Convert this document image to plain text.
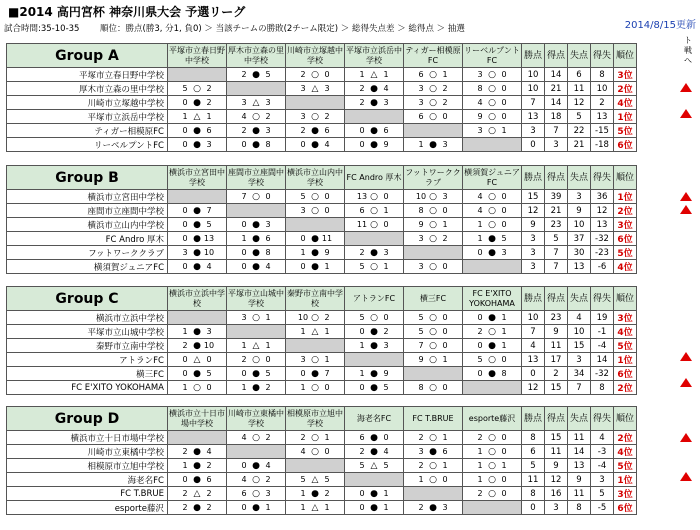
■2014 高円宮杯 神奈川県大会 予選リーグ
2014/8/15更新
試合時間:35-10-35 順位：勝点(勝3, 分1, 負0) ＞ 当該チームの勝敗(2チーム限定) ＞ 総得失点差 ＞ 総得点 ＞ 抽選
ト戦へ
Group A	平塚市立春日野中学校	厚木市立森の里中学校	川崎市立塚越中学校	平塚市立浜岳中学校	ティガー相模原FC	リーベルプントFC	勝点	得点	失点	得失	順位
平塚市立春日野中学校		2 ● 5	2 ○ 0	1 △ 1	6 ○ 1	3 ○ 0	10	14	6	8	3位
厚木市立森の里中学校	5 ○ 2		3 △ 3	2 ● 4	3 ○ 2	8 ○ 0	10	21	11	10	2位
川崎市立塚越中学校	0 ● 2	3 △ 3		2 ● 3	3 ○ 2	4 ○ 0	7	14	12	2	4位
平塚市立浜岳中学校	1 △ 1	4 ○ 2	3 ○ 2		6 ○ 0	9 ○ 0	13	18	5	13	1位
ティガー相模原FC	0 ● 6	2 ● 3	2 ● 6	0 ● 6		3 ○ 1	3	7	22	-15	5位
リーベルプントFC	0 ● 3	0 ● 8	0 ● 4	0 ● 9	1 ● 3		0	3	21	-18	6位
Group B	横浜市立宮田中学校	座間市立座間中学校	横浜市立山内中学校	FC Andro 厚木	フットワーククラブ	横須賀ジュニアFC	勝点	得点	失点	得失	順位
横浜市立宮田中学校		7 ○ 0	5 ○ 0	13 ○ 0	10 ○ 3	4 ○ 0	15	39	3	36	1位
座間市立座間中学校	0 ● 7		3 ○ 0	6 ○ 1	8 ○ 0	4 ○ 0	12	21	9	12	2位
横浜市立山内中学校	0 ● 5	0 ● 3		11 ○ 0	9 ○ 1	1 ○ 0	9	23	10	13	3位
FC Andro 厚木	0 ● 13	1 ● 6	0 ● 11		3 ○ 2	1 ● 5	3	5	37	-32	6位
フットワーククラブ	3 ● 10	0 ● 8	1 ● 9	2 ● 3		0 ● 3	3	7	30	-23	5位
横須賀ジュニアFC	0 ● 4	0 ● 4	0 ● 1	5 ○ 1	3 ○ 0		3	7	13	-6	4位
Group C	横浜市立浜中学校	平塚市立山城中学校	秦野市立南中学校	アトランFC	横三FC	FC E'XITO YOKOHAMA	勝点	得点	失点	得失	順位
横浜市立浜中学校		3 ○ 1	10 ○ 2	5 ○ 0	5 ○ 0	0 ● 1	10	23	4	19	3位
平塚市立山城中学校	1 ● 3		1 △ 1	0 ● 2	5 ○ 0	2 ○ 1	7	9	10	-1	4位
秦野市立南中学校	2 ● 10	1 △ 1		1 ● 3	7 ○ 0	0 ● 1	4	11	15	-4	5位
アトランFC	0 △ 0	2 ○ 0	3 ○ 1		9 ○ 1	5 ○ 0	13	17	3	14	1位
横三FC	0 ● 5	0 ● 5	0 ● 7	1 ● 9		0 ● 8	0	2	34	-32	6位
FC E'XITO YOKOHAMA	1 ○ 0	1 ● 2	1 ○ 0	0 ● 5	8 ○ 0		12	15	7	8	2位
Group D	横浜市立十日市場中学校	川崎市立東橘中学校	相模原市立旭中学校	海老名FC	FC T.BRUE	esporte藤沢	勝点	得点	失点	得失	順位
横浜市立十日市場中学校		4 ○ 2	2 ○ 1	6 ● 0	2 ○ 1	2 ○ 0	8	15	11	4	2位
川崎市立東橘中学校	2 ● 4		4 ○ 0	2 ● 4	3 ● 6	1 ○ 0	6	11	14	-3	4位
相模原市立旭中学校	1 ● 2	0 ● 4		5 △ 5	2 ○ 1	1 ○ 1	5	9	13	-4	5位
海老名FC	0 ● 6	4 ○ 2	5 △ 5		1 ○ 0	1 ○ 0	11	12	9	3	1位
FC T.BRUE	2 △ 2	6 ○ 3	1 ● 2	0 ● 1		2 ○ 0	8	16	11	5	3位
esporte藤沢	2 ● 2	0 ● 1	1 △ 1	0 ● 1	2 ● 3		0	3	8	-5	6位
